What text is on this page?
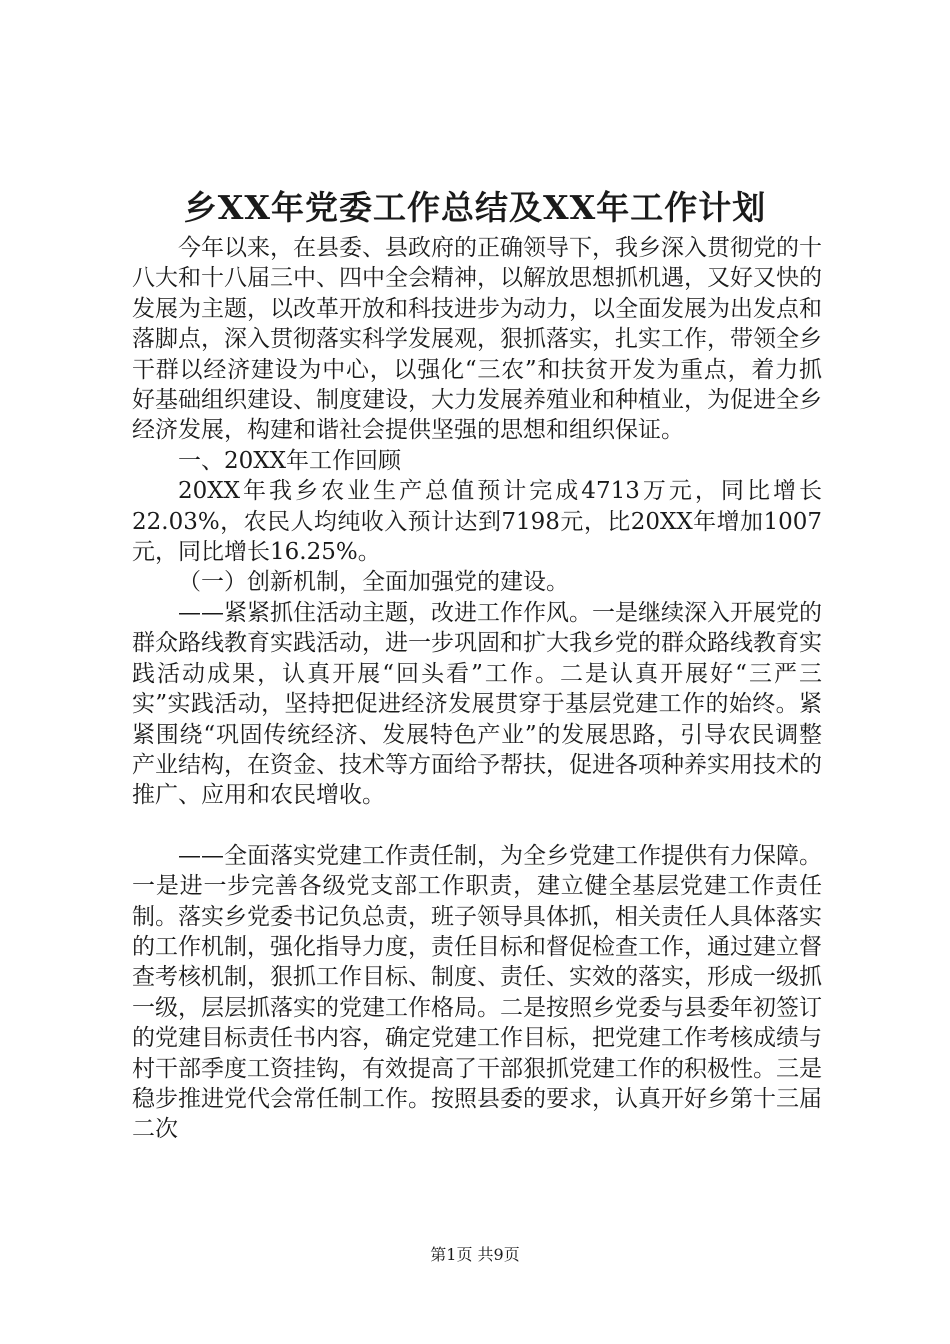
乡XX年党委工作总结及XX年工作计划

今年以来，在县委、县政府的正确领导下，我乡深入贯彻党的十八大和十八届三中、四中全会精神，以解放思想抓机遇，又好又快的发展为主题，以改革开放和科技进步为动力，以全面发展为出发点和落脚点，深入贯彻落实科学发展观，狠抓落实，扎实工作，带领全乡干群以经济建设为中心，以强化“三农”和扶贫开发为重点，着力抓好基础组织建设、制度建设，大力发展养殖业和种植业，为促进全乡经济发展，构建和谐社会提供坚强的思想和组织保证。

一、20XX年工作回顾

20XX年我乡农业生产总值预计完成4713万元，同比增长22.03%，农民人均纯收入预计达到7198元，比20XX年增加1007元，同比增长16.25%。

（一）创新机制，全面加强党的建设。

——紧紧抓住活动主题，改进工作作风。一是继续深入开展党的群众路线教育实践活动，进一步巩固和扩大我乡党的群众路线教育实践活动成果，认真开展“回头看”工作。二是认真开展好“三严三实”实践活动，坚持把促进经济发展贯穿于基层党建工作的始终。紧紧围绕“巩固传统经济、发展特色产业”的发展思路，引导农民调整产业结构，在资金、技术等方面给予帮扶，促进各项种养实用技术的推广、应用和农民增收。

——全面落实党建工作责任制，为全乡党建工作提供有力保障。一是进一步完善各级党支部工作职责，建立健全基层党建工作责任制。落实乡党委书记负总责，班子领导具体抓，相关责任人具体落实的工作机制，强化指导力度，责任目标和督促检查工作，通过建立督查考核机制，狠抓工作目标、制度、责任、实效的落实，形成一级抓一级，层层抓落实的党建工作格局。二是按照乡党委与县委年初签订的党建目标责任书内容，确定党建工作目标，把党建工作考核成绩与村干部季度工资挂钩，有效提高了干部狠抓党建工作的积极性。三是稳步推进党代会常任制工作。按照县委的要求，认真开好乡第十三届二次

第1页 共9页
